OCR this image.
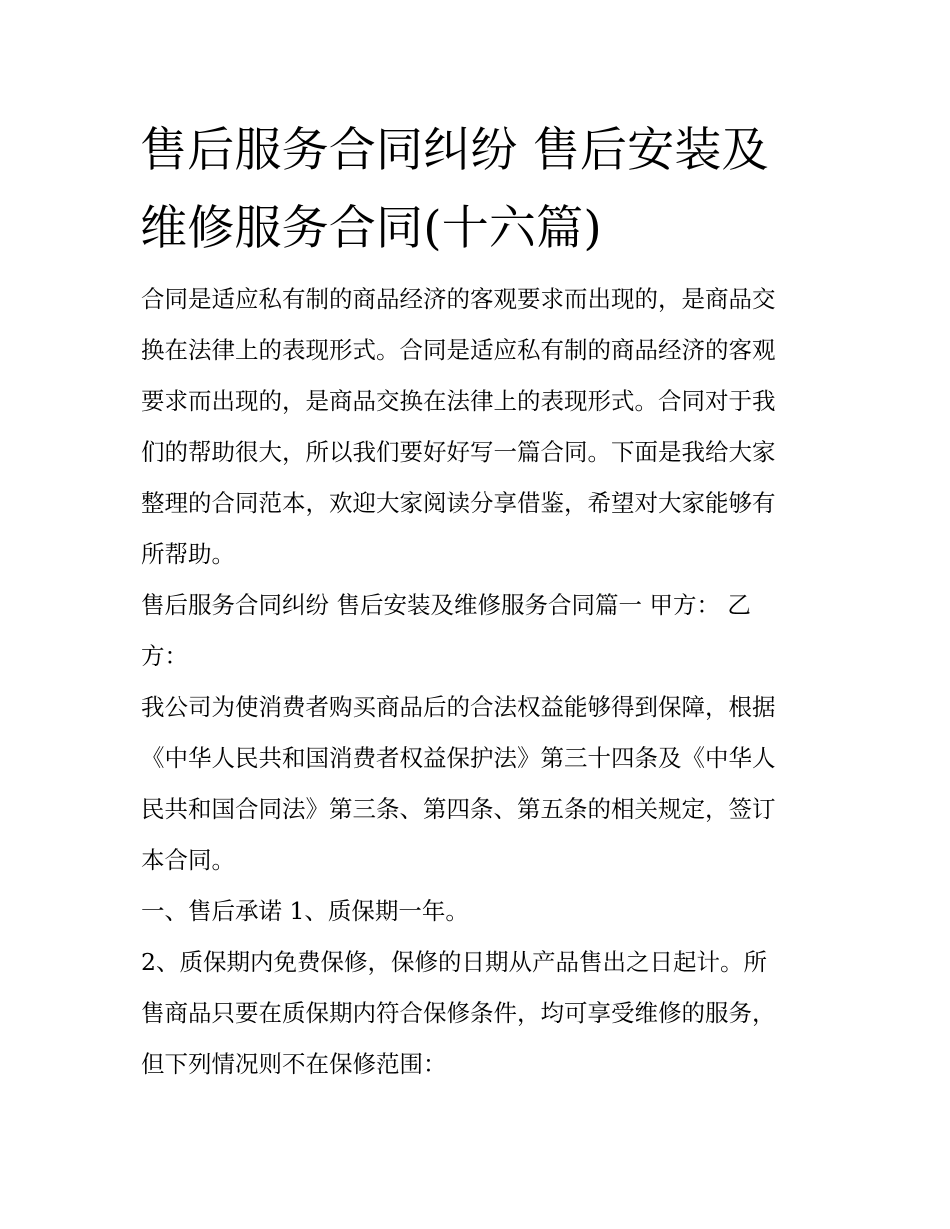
售后服务合同纠纷 售后安装及
维修服务合同(十六篇)

合同是适应私有制的商品经济的客观要求而出现的，是商品交
换在法律上的表现形式。合同是适应私有制的商品经济的客观
要求而出现的，是商品交换在法律上的表现形式。合同对于我
们的帮助很大，所以我们要好好写一篇合同。下面是我给大家
整理的合同范本，欢迎大家阅读分享借鉴，希望对大家能够有
所帮助。

售后服务合同纠纷 售后安装及维修服务合同篇一 甲方： 乙
方：

我公司为使消费者购买商品后的合法权益能够得到保障，根据
《中华人民共和国消费者权益保护法》第三十四条及《中华人
民共和国合同法》第三条、第四条、第五条的相关规定，签订
本合同。

一、售后承诺 1、质保期一年。

2、质保期内免费保修，保修的日期从产品售出之日起计。所
售商品只要在质保期内符合保修条件，均可享受维修的服务，
但下列情况则不在保修范围：
